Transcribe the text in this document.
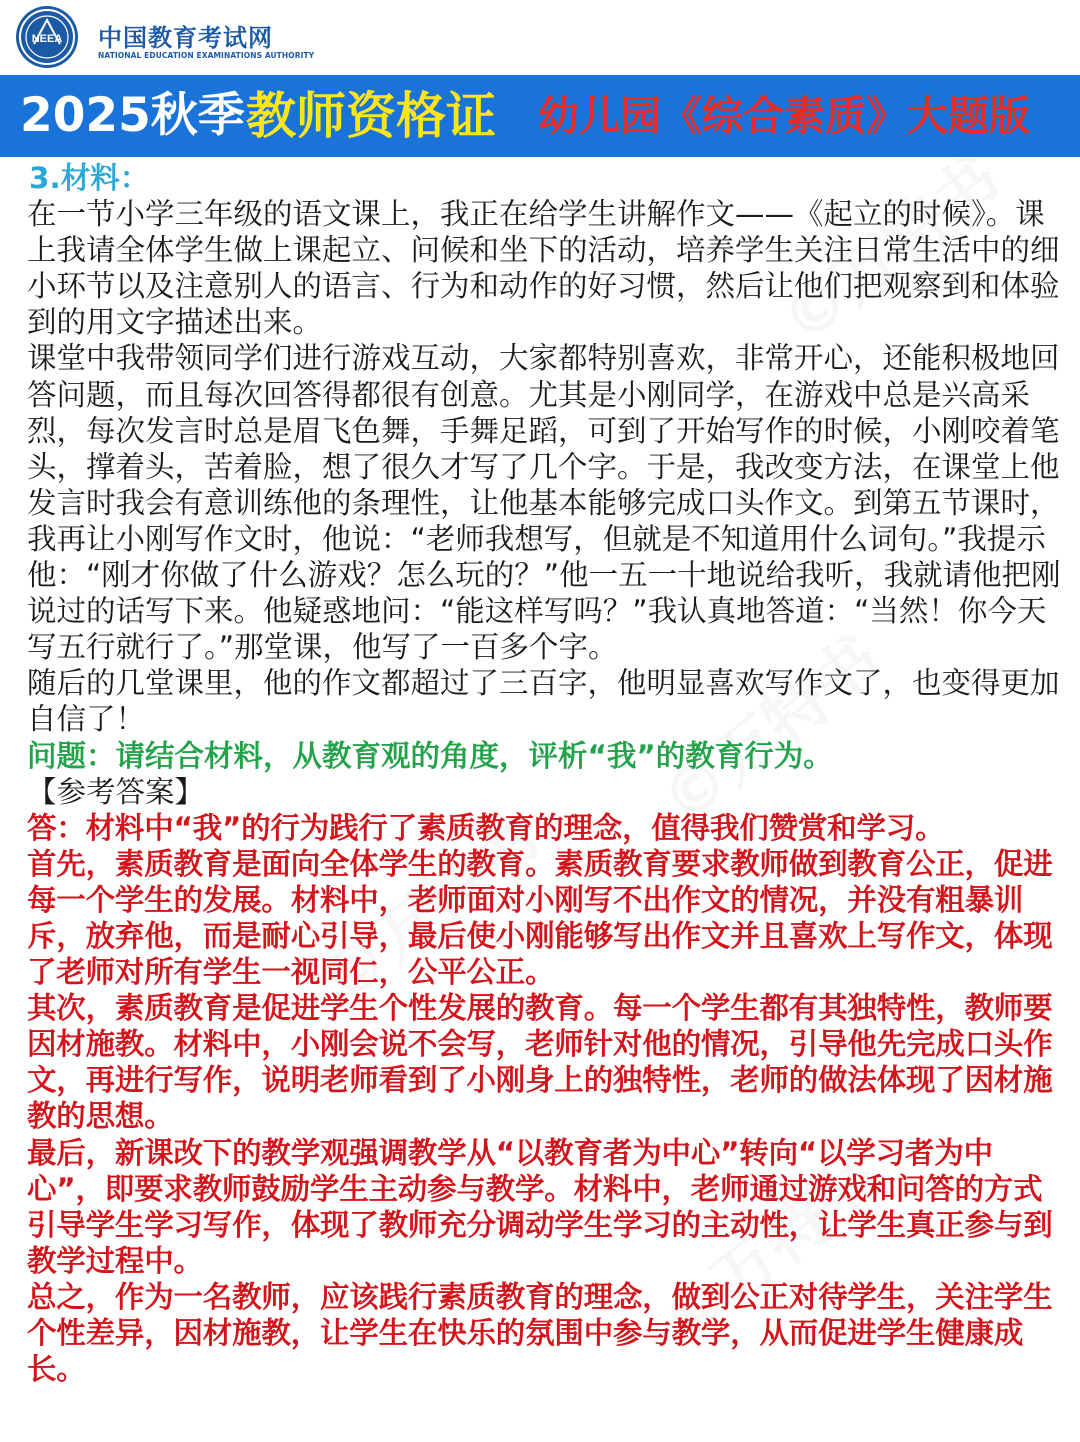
NEEA 中国教育考试网
NATIONAL EDUCATION EXAMINATIONS AUTHORITY
2025秋季 教师资格证 幼儿园《综合素质》大题版

3.材料：

在一节小学三年级的语文课上，我正在给学生讲解作文——《起立的时候》。课上我请全体学生做上课起立、问候和坐下的活动，培养学生关注日常生活中的细小环节以及注意别人的语言、行为和动作的好习惯，然后让他们把观察到和体验到的用文字描述出来。

课堂中我带领同学们进行游戏互动，大家都特别喜欢，非常开心，还能积极地回答问题，而且每次回答得都很有创意。尤其是小刚同学，在游戏中总是兴高采烈，每次发言时总是眉飞色舞，手舞足蹈，可到了开始写作的时候，小刚咬着笔头，撑着头，苦着脸，想了很久才写了几个字。于是，我改变方法，在课堂上他发言时我会有意训练他的条理性，让他基本能够完成口头作文。到第五节课时，我再让小刚写作文时，他说：“老师我想写，但就是不知道用什么词句。”我提示他：“刚才你做了什么游戏？怎么玩的？”他一五一十地说给我听，我就请他把刚说过的话写下来。他疑惑地问：“能这样写吗？”我认真地答道：“当然！你今天写五行就行了。”那堂课，他写了一百多个字。

随后的几堂课里，他的作文都超过了三百字，他明显喜欢写作文了，也变得更加自信了！

问题：请结合材料，从教育观的角度，评析“我”的教育行为。

【参考答案】

答：材料中“我”的行为践行了素质教育的理念，值得我们赞赏和学习。

首先，素质教育是面向全体学生的教育。素质教育要求教师做到教育公正，促进每一个学生的发展。材料中，老师面对小刚写不出作文的情况，并没有粗暴训斥，放弃他，而是耐心引导，最后使小刚能够写出作文并且喜欢上写作文，体现了老师对所有学生一视同仁，公平公正。

其次，素质教育是促进学生个性发展的教育。每一个学生都有其独特性，教师要因材施教。材料中，小刚会说不会写，老师针对他的情况，引导他先完成口头作文，再进行写作，说明老师看到了小刚身上的独特性，老师的做法体现了因材施教的思想。

最后，新课改下的教学观强调教学从“以教育者为中心”转向“以学习者为中心”，即要求教师鼓励学生主动参与教学。材料中，老师通过游戏和问答的方式引导学生学习写作，体现了教师充分调动学生学习的主动性，让学生真正参与到教学过程中。

总之，作为一名教师，应该践行素质教育的理念，做到公正对待学生，关注学生个性差异，因材施教，让学生在快乐的氛围中参与教学，从而促进学生健康成长。
